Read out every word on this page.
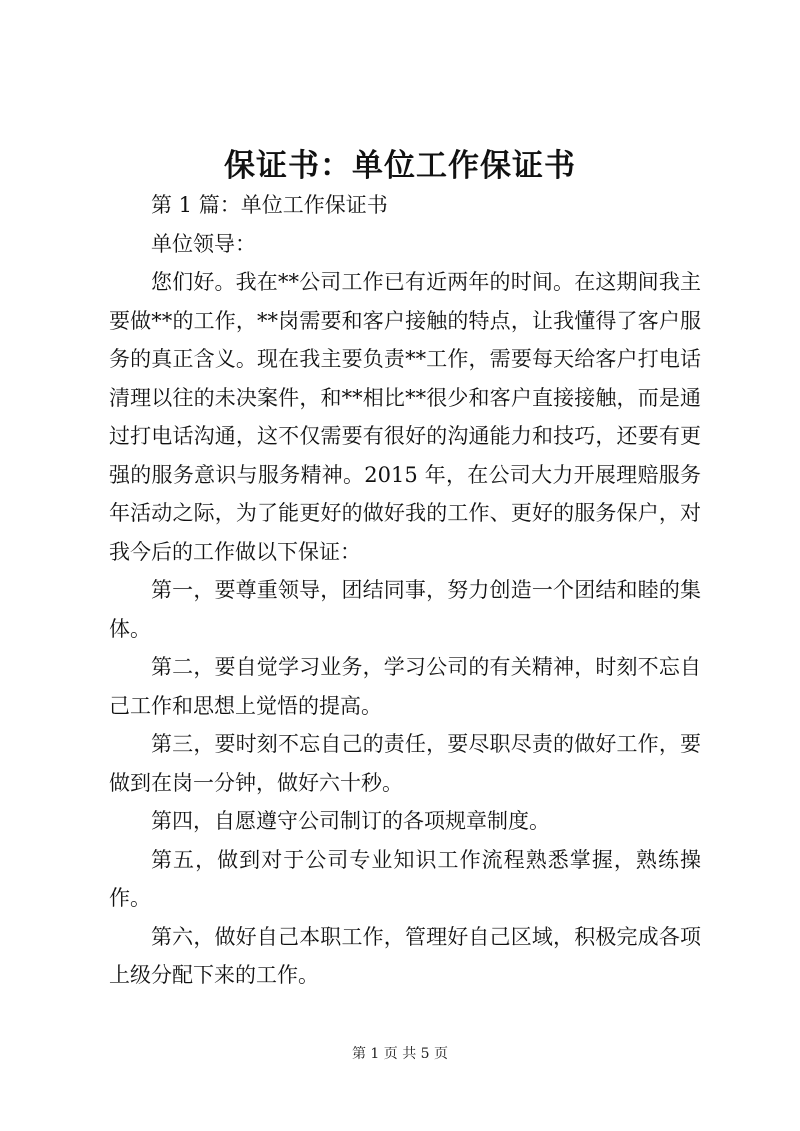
保证书：单位工作保证书

第 1 篇：单位工作保证书

单位领导：

您们好。我在**公司工作已有近两年的时间。在这期间我主要做**的工作，**岗需要和客户接触的特点，让我懂得了客户服务的真正含义。现在我主要负责**工作，需要每天给客户打电话清理以往的未决案件，和**相比**很少和客户直接接触，而是通过打电话沟通，这不仅需要有很好的沟通能力和技巧，还要有更强的服务意识与服务精神。2015 年，在公司大力开展理赔服务年活动之际，为了能更好的做好我的工作、更好的服务保户，对我今后的工作做以下保证：

第一，要尊重领导，团结同事，努力创造一个团结和睦的集体。

第二，要自觉学习业务，学习公司的有关精神，时刻不忘自己工作和思想上觉悟的提高。

第三，要时刻不忘自己的责任，要尽职尽责的做好工作，要做到在岗一分钟，做好六十秒。

第四，自愿遵守公司制订的各项规章制度。

第五，做到对于公司专业知识工作流程熟悉掌握，熟练操作。

第六，做好自己本职工作，管理好自己区域，积极完成各项上级分配下来的工作。

第 1 页 共 5 页
